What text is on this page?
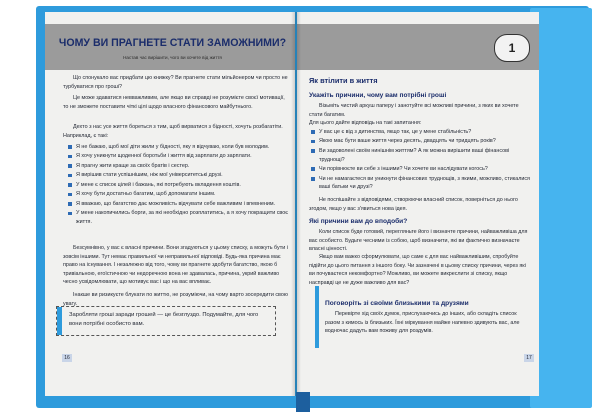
ЧОМУ ВИ ПРАГНЕТЕ СТАТИ ЗАМОЖНИМИ?
Настав час вирішити, чого ви хочете від життя
Що спонукало вас придбати цю книжку? Ви прагнете стати мільйонером чи просто не турбуватися про гроші?
Це може здаватися невважливим, але якщо ви справді не розумієте своєї мотивації, то не зможете поставити чіткі цілі щодо власного фінансового майбутнього.
Дехто з нас усе життя бореться з тим, щоб вирватися з бідності, хочуть розбагатіти. Наприклад, є такі:
Я не бажаю, щоб мої діти жили у бідності, яку я відчуваю, коли був молодим.
Я хочу уникнути щоденної боротьби і життя від зарплати до зарплати.
Я прагну жити краще за своїх братів і сестер.
Я вирішив стати успішнішим, ніж мої університетські друзі.
У мене є список цілей і бажань, які потребують вкладення коштів.
Я хочу бути достатньо багатим, щоб допомагати іншим.
Я вважаю, що багатство дає можливість відчувати себе важливим і впевненим.
У мене накопичились борги, за які необхідно розплатитись, а я хочу покращити своє життя.
Безсумнівно, у вас є власні причини. Вони згадуються у цьому списку, а можуть бути і зовсім іншими. Тут немає правильної чи неправильної відповіді. Будь-яка причина має право на існування. І незалежно від того, чому ви прагнете здобути багатство, якою б тривіальною, егоїстичною чи недоречною вона не здавалась, причина, укрий важливо чесно усвідомлювати, що мотивує вас і що на вас впливає.
Інакше ви ризикуєте блукати по життю, не розуміючи, на чому варто зосередити свою увагу.
Заробляти гроші заради грошей — це безглуздо. Подумайте, для чого вони потрібні особисто вам.
16
1
Як втілити в життя
Укажіть причини, чому вам потрібні гроші
Візьміть чистий аркуш паперу і занотуйте всі можливі причини, з яких ви хочете стати багатим.
Для цього дайте відповідь на такі запитання:
У вас це є від з дитинства, якщо так, це у мене стабільність?
Якою має бути ваше життя через десять, двадцять чи тридцять років?
Ви задоволені своїм нинішнім життям? А як можна вирішити ваші фінансові труднощі?
Чи порівнюєте ви себе з іншими? Чи хочете ви наслідувати когось?
Чи не намагаєтеся ви уникнути фінансових труднощів, з якими, можливо, стикалися ваші батьки чи друзі?
Не поспішайте з відповідями, створюючи власний список, поверніться до нього згодом, якщо у вас з'явиться нова ідея.
Які причини вам до вподоби?
Коли список буде готовий, перегляньте його і визначте причини, найважливіша для вас особисто. Будьте чесними із собою, щоб визначити, які ви фактично визначаєте власні цінності.
Якщо вам важко сформулювати, що саме є для вас найважливішим, спробуйте підійти до цього питання з іншого боку. Чи зазначені в цьому списку причини, через які ви почуваєтеся некомфортно? Можливо, ви можете викреслити зі списку, якщо насправді це не дуже важливо для вас?
Поговоріть зі своїми близькими та друзями
Перевірте хід своїх думок, прислухаючись до інших, або складіть список разом з кимось із близьких. Їхні міркування майже напевно здивують вас, але водночас дадуть вам поживу для роздумів.
17
